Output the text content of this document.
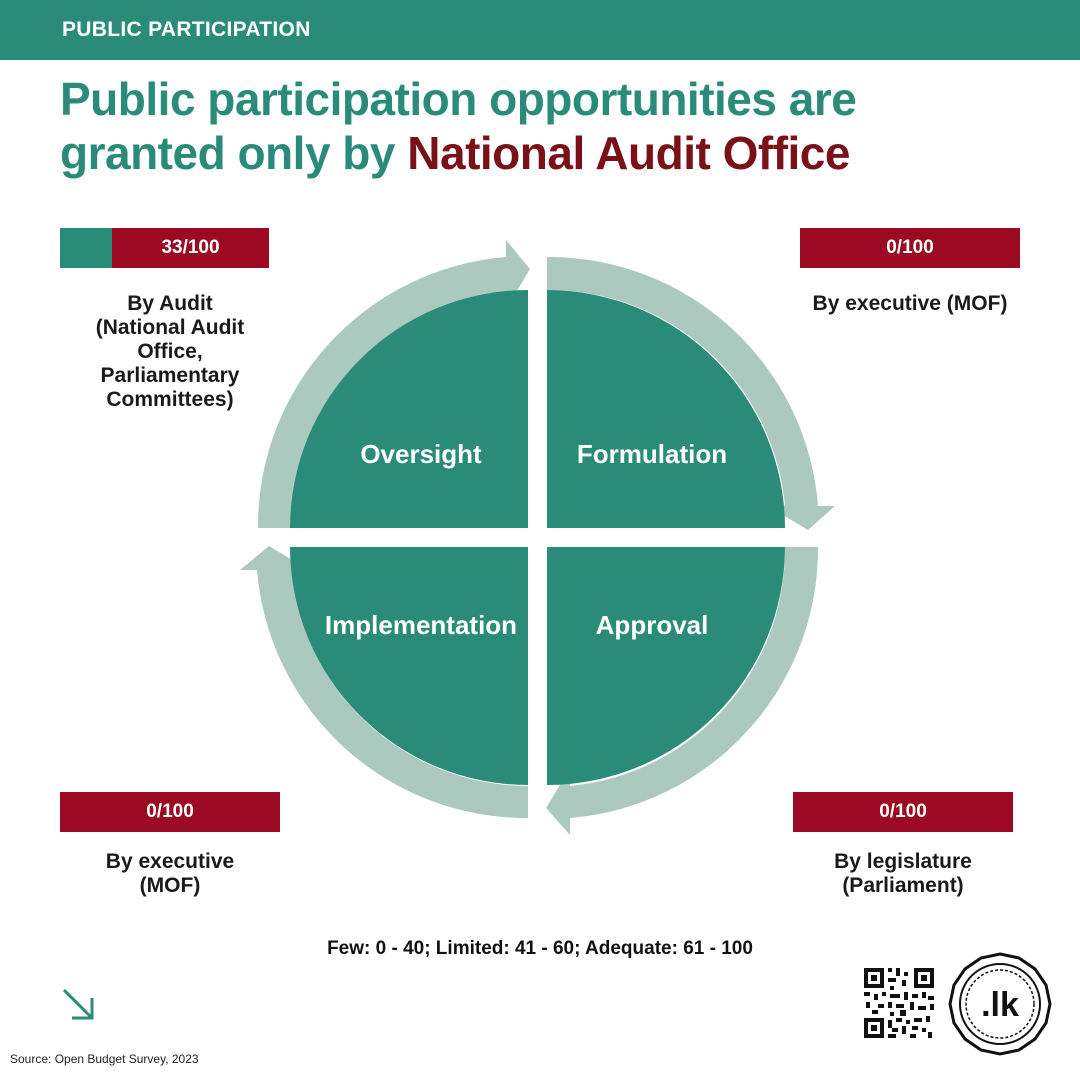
PUBLIC PARTICIPATION
Public participation opportunities are granted only by National Audit Office
33/100
By Audit
(National Audit
Office,
Parliamentary
Committees)
0/100
By executive (MOF)
0/100
By executive
(MOF)
0/100
By legislature
(Parliament)
Oversight	Formulation
Approval
Implementation
Few: 0 - 40; Limited: 41 - 60; Adequate: 61 - 100
.lk
Source: Open Budget Survey, 2023
